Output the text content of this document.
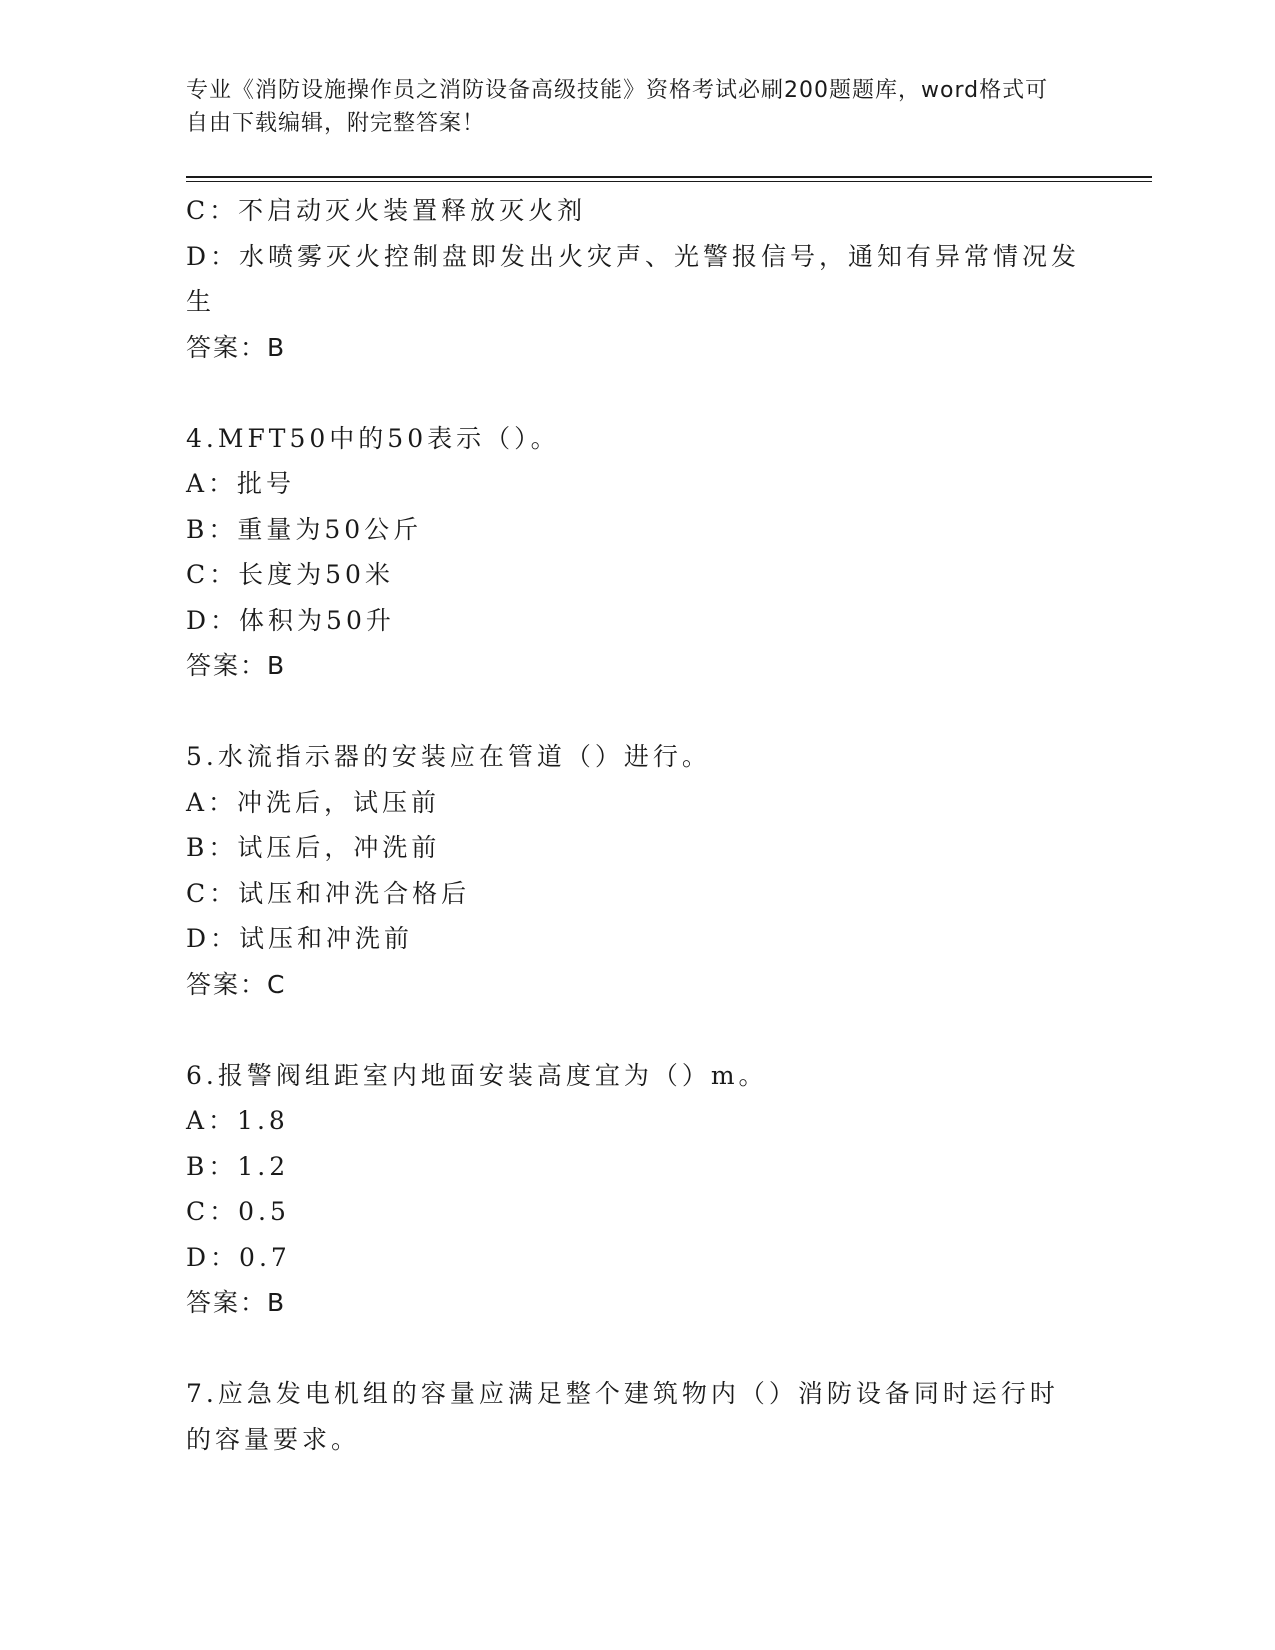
专业《消防设施操作员之消防设备高级技能》资格考试必刷200题题库，word格式可自由下载编辑，附完整答案！
C：不启动灭火装置释放灭火剂
D：水喷雾灭火控制盘即发出火灾声、光警报信号，通知有异常情况发
生
答案：B
4.MFT50中的50表示（）。
A：批号
B：重量为50公斤
C：长度为50米
D：体积为50升
答案：B
5.水流指示器的安装应在管道（）进行。
A：冲洗后，试压前
B：试压后，冲洗前
C：试压和冲洗合格后
D：试压和冲洗前
答案：C
6.报警阀组距室内地面安装高度宜为（）m。
A：1.8
B：1.2
C：0.5
D：0.7
答案：B
7.应急发电机组的容量应满足整个建筑物内（）消防设备同时运行时
的容量要求。
